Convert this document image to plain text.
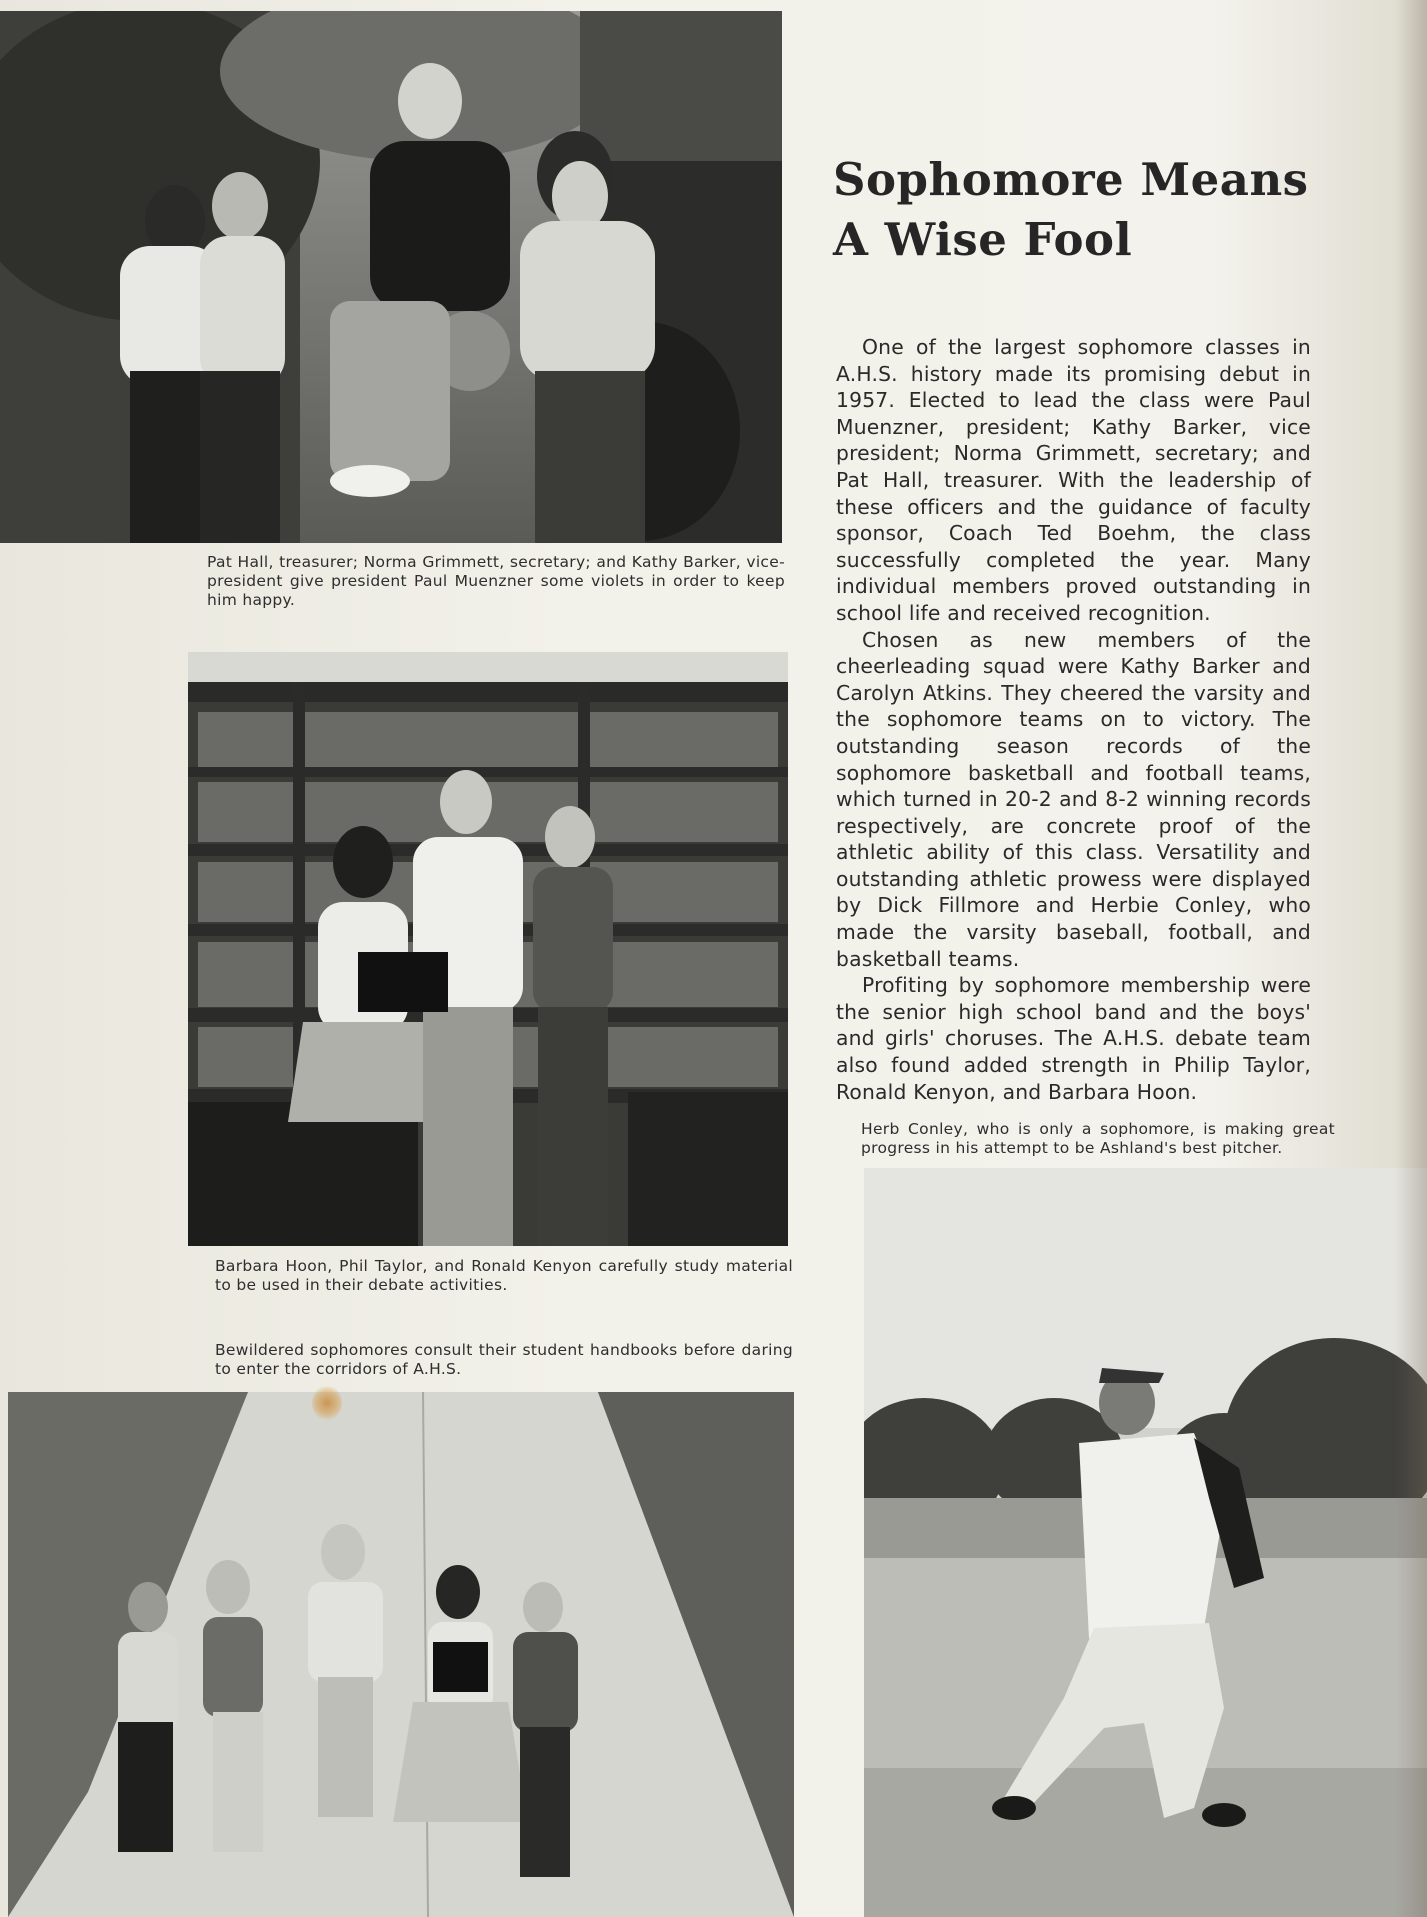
Pat Hall, treasurer; Norma Grimmett, secretary; and Kathy Barker, vice-president give president Paul Muenzner some violets in order to keep him happy.
Barbara Hoon, Phil Taylor, and Ronald Kenyon carefully study material to be used in their debate activities.
Bewildered sophomores consult their student handbooks before daring to enter the corridors of A.H.S.
Sophomore Means
A Wise Fool

One of the largest sophomore classes in A.H.S. history made its promising debut in 1957. Elected to lead the class were Paul Muenzner, president; Kathy Barker, vice president; Norma Grimmett, secretary; and Pat Hall, treasurer. With the leadership of these officers and the guidance of faculty sponsor, Coach Ted Boehm, the class successfully completed the year. Many individual members proved outstanding in school life and received recognition.

Chosen as new members of the cheerleading squad were Kathy Barker and Carolyn Atkins. They cheered the varsity and the sophomore teams on to victory. The outstanding season records of the sophomore basketball and football teams, which turned in 20-2 and 8-2 winning records respectively, are concrete proof of the athletic ability of this class. Versatility and outstanding athletic prowess were displayed by Dick Fillmore and Herbie Conley, who made the varsity baseball, football, and basketball teams.

Profiting by sophomore membership were the senior high school band and the boys' and girls' choruses. The A.H.S. debate team also found added strength in Philip Taylor, Ronald Kenyon, and Barbara Hoon.

Herb Conley, who is only a sophomore, is making great progress in his attempt to be Ashland's best pitcher.
